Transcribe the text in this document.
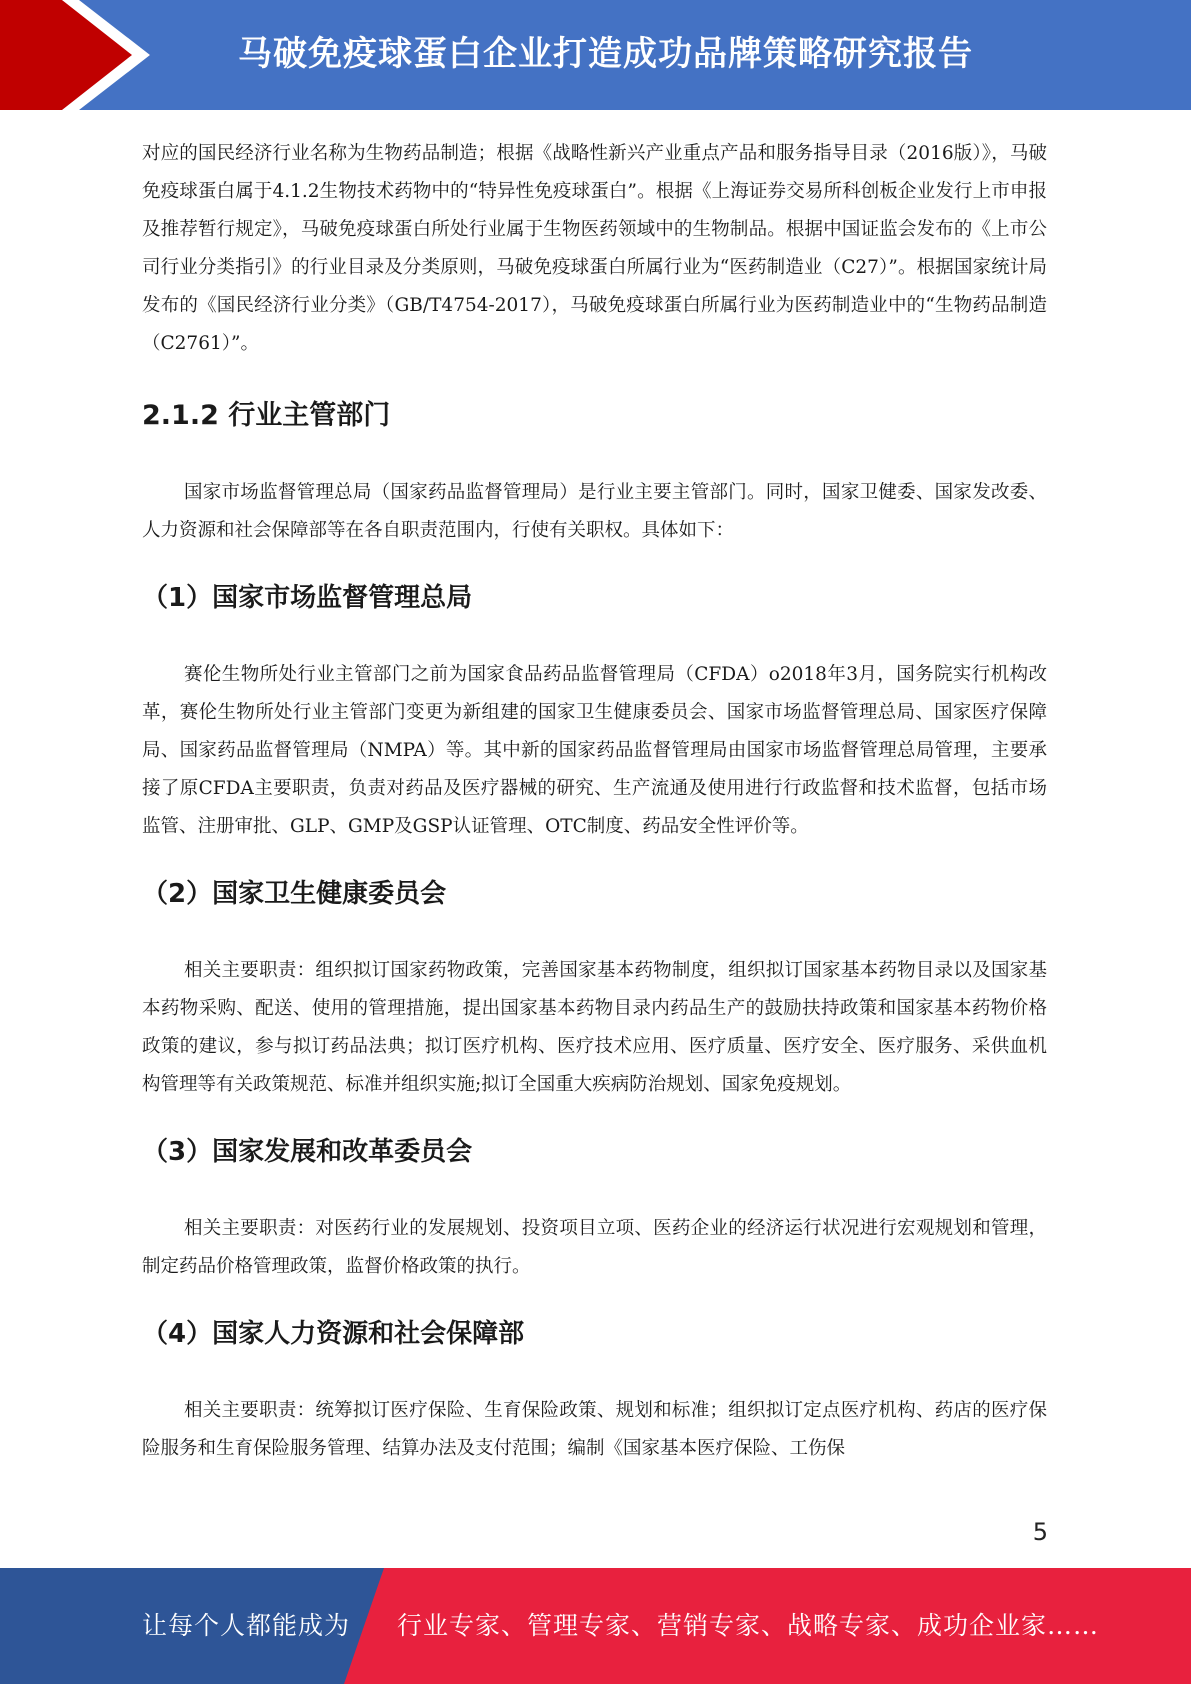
马破免疫球蛋白企业打造成功品牌策略研究报告

对应的国民经济行业名称为生物药品制造；根据《战略性新兴产业重点产品和服务指导目录（2016版）》，马破免疫球蛋白属于4.1.2生物技术药物中的“特异性免疫球蛋白”。根据《上海证券交易所科创板企业发行上市申报及推荐暂行规定》，马破免疫球蛋白所处行业属于生物医药领域中的生物制品。根据中国证监会发布的《上市公司行业分类指引》的行业目录及分类原则，马破免疫球蛋白所属行业为“医药制造业（C27）”。根据国家统计局发布的《国民经济行业分类》（GB/T4754-2017），马破免疫球蛋白所属行业为医药制造业中的“生物药品制造（C2761）”。

2.1.2 行业主管部门

国家市场监督管理总局（国家药品监督管理局）是行业主要主管部门。同时，国家卫健委、国家发改委、人力资源和社会保障部等在各自职责范围内，行使有关职权。具体如下：

（1）国家市场监督管理总局

赛伦生物所处行业主管部门之前为国家食品药品监督管理局（CFDA）o2018年3月，国务院实行机构改革，赛伦生物所处行业主管部门变更为新组建的国家卫生健康委员会、国家市场监督管理总局、国家医疗保障局、国家药品监督管理局（NMPA）等。其中新的国家药品监督管理局由国家市场监督管理总局管理，主要承接了原CFDA主要职责，负责对药品及医疗器械的研究、生产流通及使用进行行政监督和技术监督，包括市场监管、注册审批、GLP、GMP及GSP认证管理、OTC制度、药品安全性评价等。

（2）国家卫生健康委员会

相关主要职责：组织拟订国家药物政策，完善国家基本药物制度，组织拟订国家基本药物目录以及国家基本药物采购、配送、使用的管理措施，提出国家基本药物目录内药品生产的鼓励扶持政策和国家基本药物价格政策的建议，参与拟订药品法典；拟订医疗机构、医疗技术应用、医疗质量、医疗安全、医疗服务、采供血机构管理等有关政策规范、标准并组织实施;拟订全国重大疾病防治规划、国家免疫规划。

（3）国家发展和改革委员会

相关主要职责：对医药行业的发展规划、投资项目立项、医药企业的经济运行状况进行宏观规划和管理，制定药品价格管理政策，监督价格政策的执行。

（4）国家人力资源和社会保障部

相关主要职责：统筹拟订医疗保险、生育保险政策、规划和标准；组织拟订定点医疗机构、药店的医疗保险服务和生育保险服务管理、结算办法及支付范围；编制《国家基本医疗保险、工伤保

5
让每个人都能成为 行业专家、管理专家、营销专家、战略专家、成功企业家……
